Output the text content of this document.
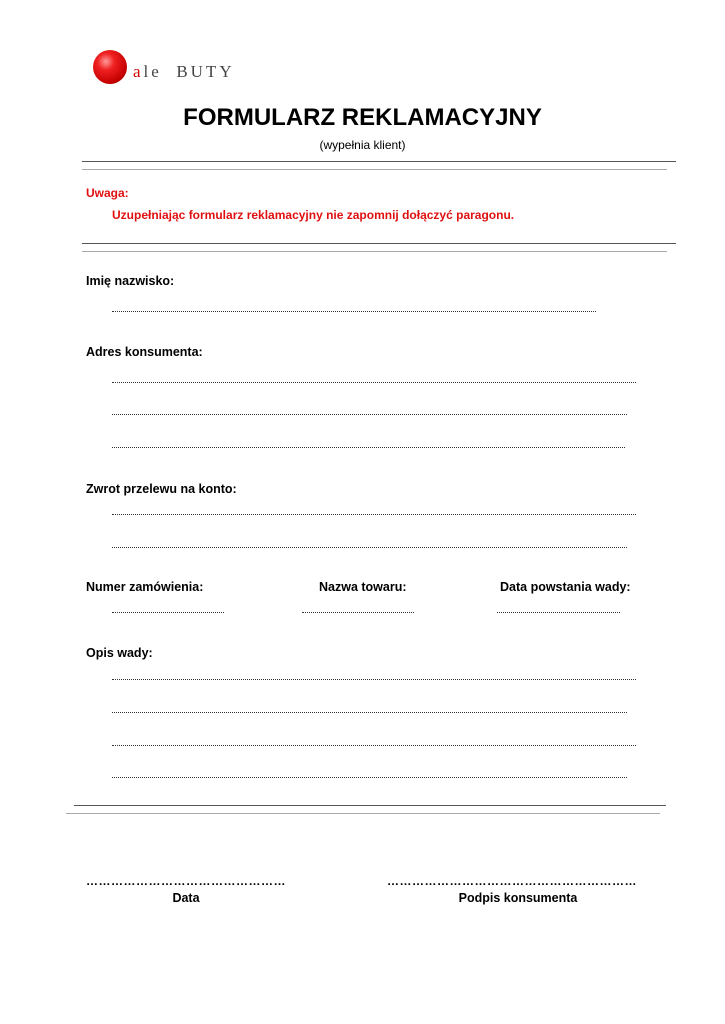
ale  BUTY
FORMULARZ REKLAMACYJNY
(wypełnia klient)
Uwaga:
Uzupełniając formularz reklamacyjny nie zapomnij dołączyć paragonu.
Imię nazwisko:
Adres konsumenta:
Zwrot przelewu na konto:
Numer zamówienia:	Nazwa towaru:	Data powstania wady:
Opis wady:
…………………………………………	……………………………………………………
Data	Podpis konsumenta
